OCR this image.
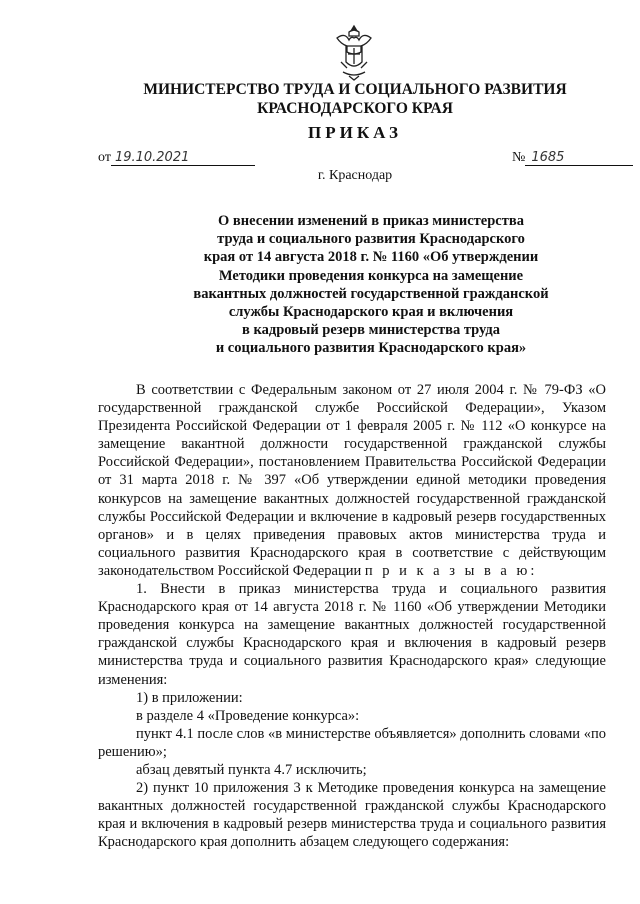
МИНИСТЕРСТВО ТРУДА И СОЦИАЛЬНОГО РАЗВИТИЯ
КРАСНОДАРСКОГО КРАЯ
ПРИКАЗ
от 19.10.2021	№ 1685
г. Краснодар
О внесении изменений в приказ министерства
труда и социального развития Краснодарского
края от 14 августа 2018 г. № 1160 «Об утверждении
Методики проведения конкурса на замещение
вакантных должностей государственной гражданской
службы Краснодарского края и включения
в кадровый резерв министерства труда
и социального развития Краснодарского края»

В соответствии с Федеральным законом от 27 июля 2004 г. № 79-ФЗ «О государственной гражданской службе Российской Федерации», Указом Президента Российской Федерации от 1 февраля 2005 г. № 112 «О конкурсе на замещение вакантной должности государственной гражданской службы Российской Федерации», постановлением Правительства Российской Федерации от 31 марта 2018 г. № 397 «Об утверждении единой методики проведения конкурсов на замещение вакантных должностей государственной гражданской службы Российской Федерации и включение в кадровый резерв государственных органов» и в целях приведения правовых актов министерства труда и социального развития Краснодарского края в соответствие с действующим законодательством Российской Федерации п р и к а з ы в а ю:

1. Внести в приказ министерства труда и социального развития Краснодарского края от 14 августа 2018 г. № 1160 «Об утверждении Методики проведения конкурса на замещение вакантных должностей государственной гражданской службы Краснодарского края и включения в кадровый резерв министерства труда и социального развития Краснодарского края» следующие изменения:

1) в приложении:

в разделе 4 «Проведение конкурса»:

пункт 4.1 после слов «в министерстве объявляется» дополнить словами «по решению»;

абзац девятый пункта 4.7 исключить;

2) пункт 10 приложения 3 к Методике проведения конкурса на замещение вакантных должностей государственной гражданской службы Краснодарского края и включения в кадровый резерв министерства труда и социального развития Краснодарского края дополнить абзацем следующего содержания:
